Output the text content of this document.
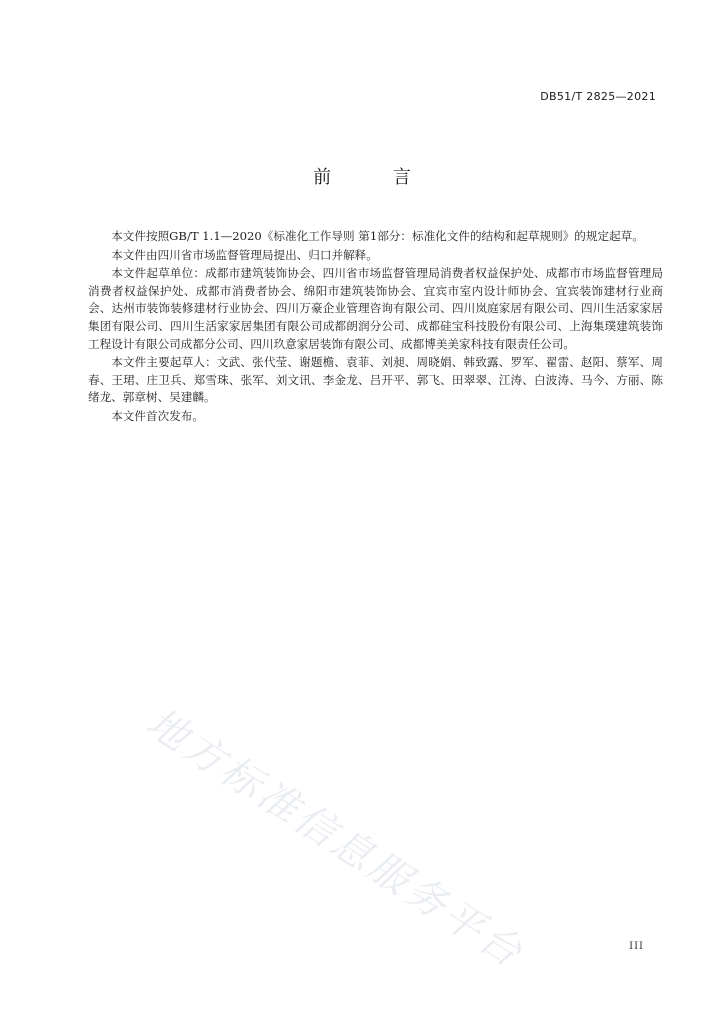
DB51/T 2825—2021
前 言

本文件按照GB/T 1.1—2020《标准化工作导则 第1部分：标准化文件的结构和起草规则》的规定起草。

本文件由四川省市场监督管理局提出、归口并解释。

本文件起草单位：成都市建筑装饰协会、四川省市场监督管理局消费者权益保护处、成都市市场监督管理局消费者权益保护处、成都市消费者协会、绵阳市建筑装饰协会、宜宾市室内设计师协会、宜宾装饰建材行业商会、达州市装饰装修建材行业协会、四川万豪企业管理咨询有限公司、四川岚庭家居有限公司、四川生活家家居集团有限公司、四川生活家家居集团有限公司成都朗润分公司、成都硅宝科技股份有限公司、上海集璞建筑装饰工程设计有限公司成都分公司、四川玖意家居装饰有限公司、成都博美美家科技有限责任公司。

本文件主要起草人：文武、张代莹、谢题檐、袁菲、刘昶、周晓娟、韩致露、罗军、翟雷、赵阳、蔡军、周春、王珺、庄卫兵、郑雪珠、张军、刘文讯、李金龙、吕开平、郭飞、田翠翠、江涛、白波涛、马今、方丽、陈绪龙、郭章树、吴建麟。

本文件首次发布。

地方标准信息服务平台	III
